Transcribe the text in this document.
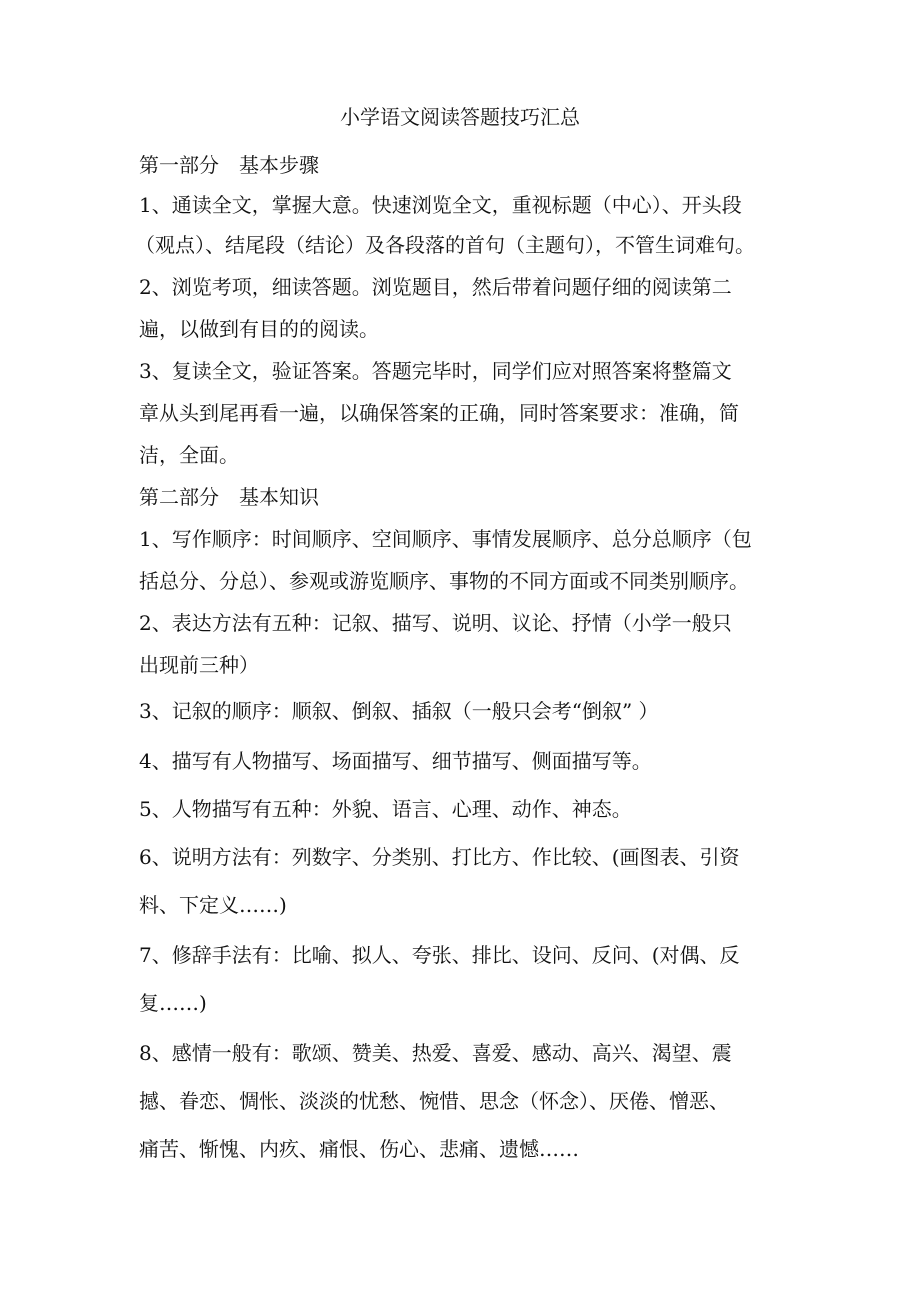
小学语文阅读答题技巧汇总
第一部分　基本步骤
1、通读全文，掌握大意。快速浏览全文，重视标题（中心）、开头段
（观点）、结尾段（结论）及各段落的首句（主题句），不管生词难句。
2、浏览考项，细读答题。浏览题目，然后带着问题仔细的阅读第二
遍，以做到有目的的阅读。
3、复读全文，验证答案。答题完毕时，同学们应对照答案将整篇文
章从头到尾再看一遍，以确保答案的正确，同时答案要求：准确，简
洁，全面。
第二部分　基本知识
1、写作顺序：时间顺序、空间顺序、事情发展顺序、总分总顺序（包
括总分、分总）、参观或游览顺序、事物的不同方面或不同类别顺序。
2、表达方法有五种：记叙、描写、说明、议论、抒情（小学一般只
出现前三种）
3、记叙的顺序：顺叙、倒叙、插叙（一般只会考“倒叙” ）
4、描写有人物描写、场面描写、细节描写、侧面描写等。
5、人物描写有五种：外貌、语言、心理、动作、神态。
6、说明方法有：列数字、分类别、打比方、作比较、(画图表、引资
料、下定义……)
7、修辞手法有：比喻、拟人、夸张、排比、设问、反问、(对偶、反
复……)
8、感情一般有：歌颂、赞美、热爱、喜爱、感动、高兴、渴望、震
撼、眷恋、惆怅、淡淡的忧愁、惋惜、思念（怀念）、厌倦、憎恶、
痛苦、惭愧、内疚、痛恨、伤心、悲痛、遗憾……
